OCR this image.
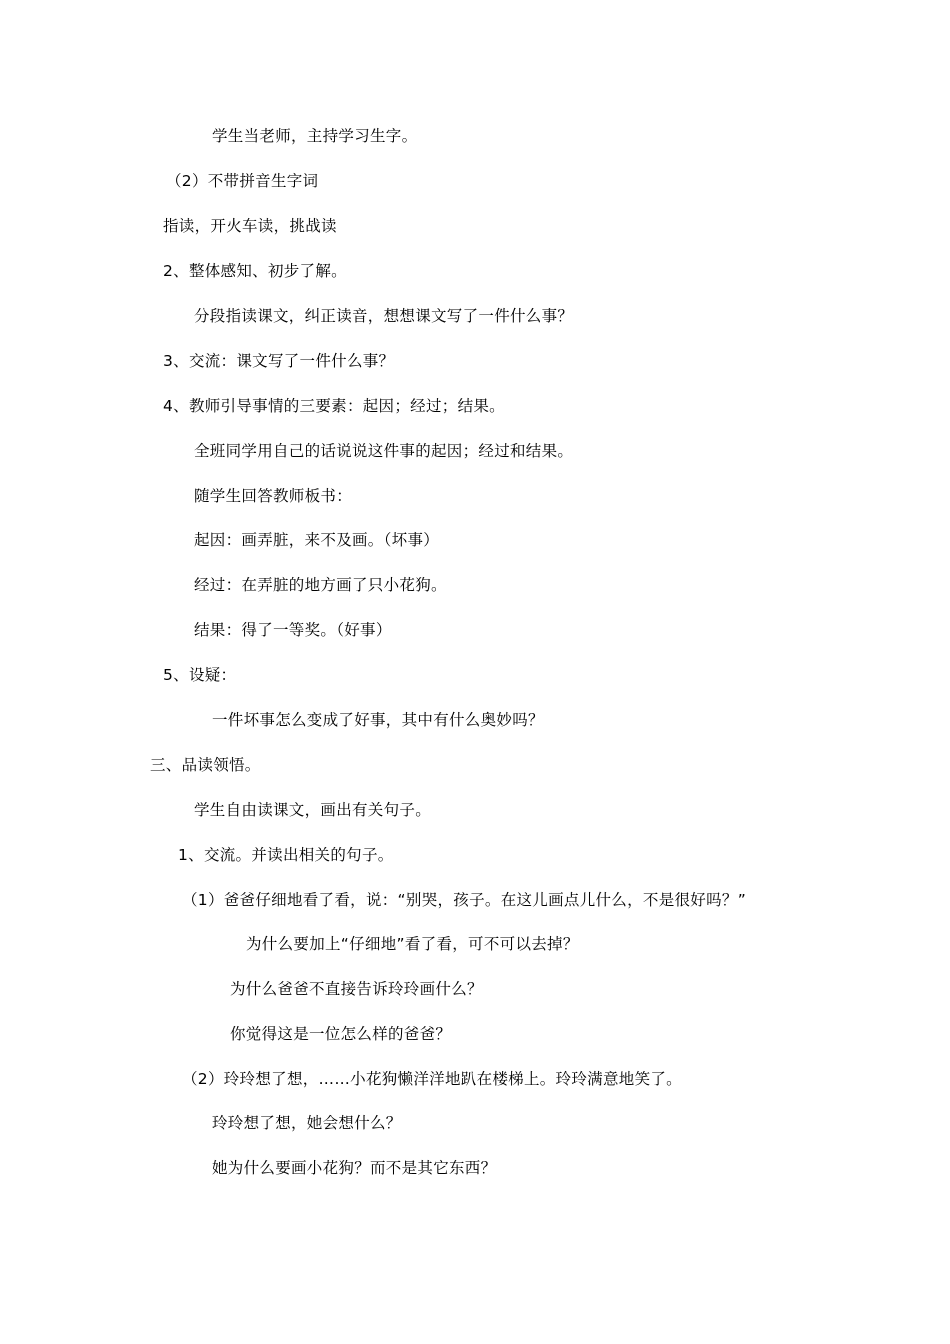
学生当老师，主持学习生字。
（2）不带拼音生字词
指读，开火车读，挑战读
2、整体感知、初步了解。
分段指读课文，纠正读音，想想课文写了一件什么事？
3、交流：课文写了一件什么事？
4、教师引导事情的三要素：起因；经过；结果。
全班同学用自己的话说说这件事的起因；经过和结果。
随学生回答教师板书：
起因：画弄脏，来不及画。（坏事）
经过：在弄脏的地方画了只小花狗。
结果：得了一等奖。（好事）
5、设疑：
一件坏事怎么变成了好事，其中有什么奥妙吗？
三、品读领悟。
学生自由读课文，画出有关句子。
1、交流。并读出相关的句子。
（1）爸爸仔细地看了看，说：“别哭，孩子。在这儿画点儿什么，不是很好吗？”
为什么要加上“仔细地”看了看，可不可以去掉？
为什么爸爸不直接告诉玲玲画什么？
你觉得这是一位怎么样的爸爸？
（2）玲玲想了想，……小花狗懒洋洋地趴在楼梯上。玲玲满意地笑了。
玲玲想了想，她会想什么？
她为什么要画小花狗？而不是其它东西？
